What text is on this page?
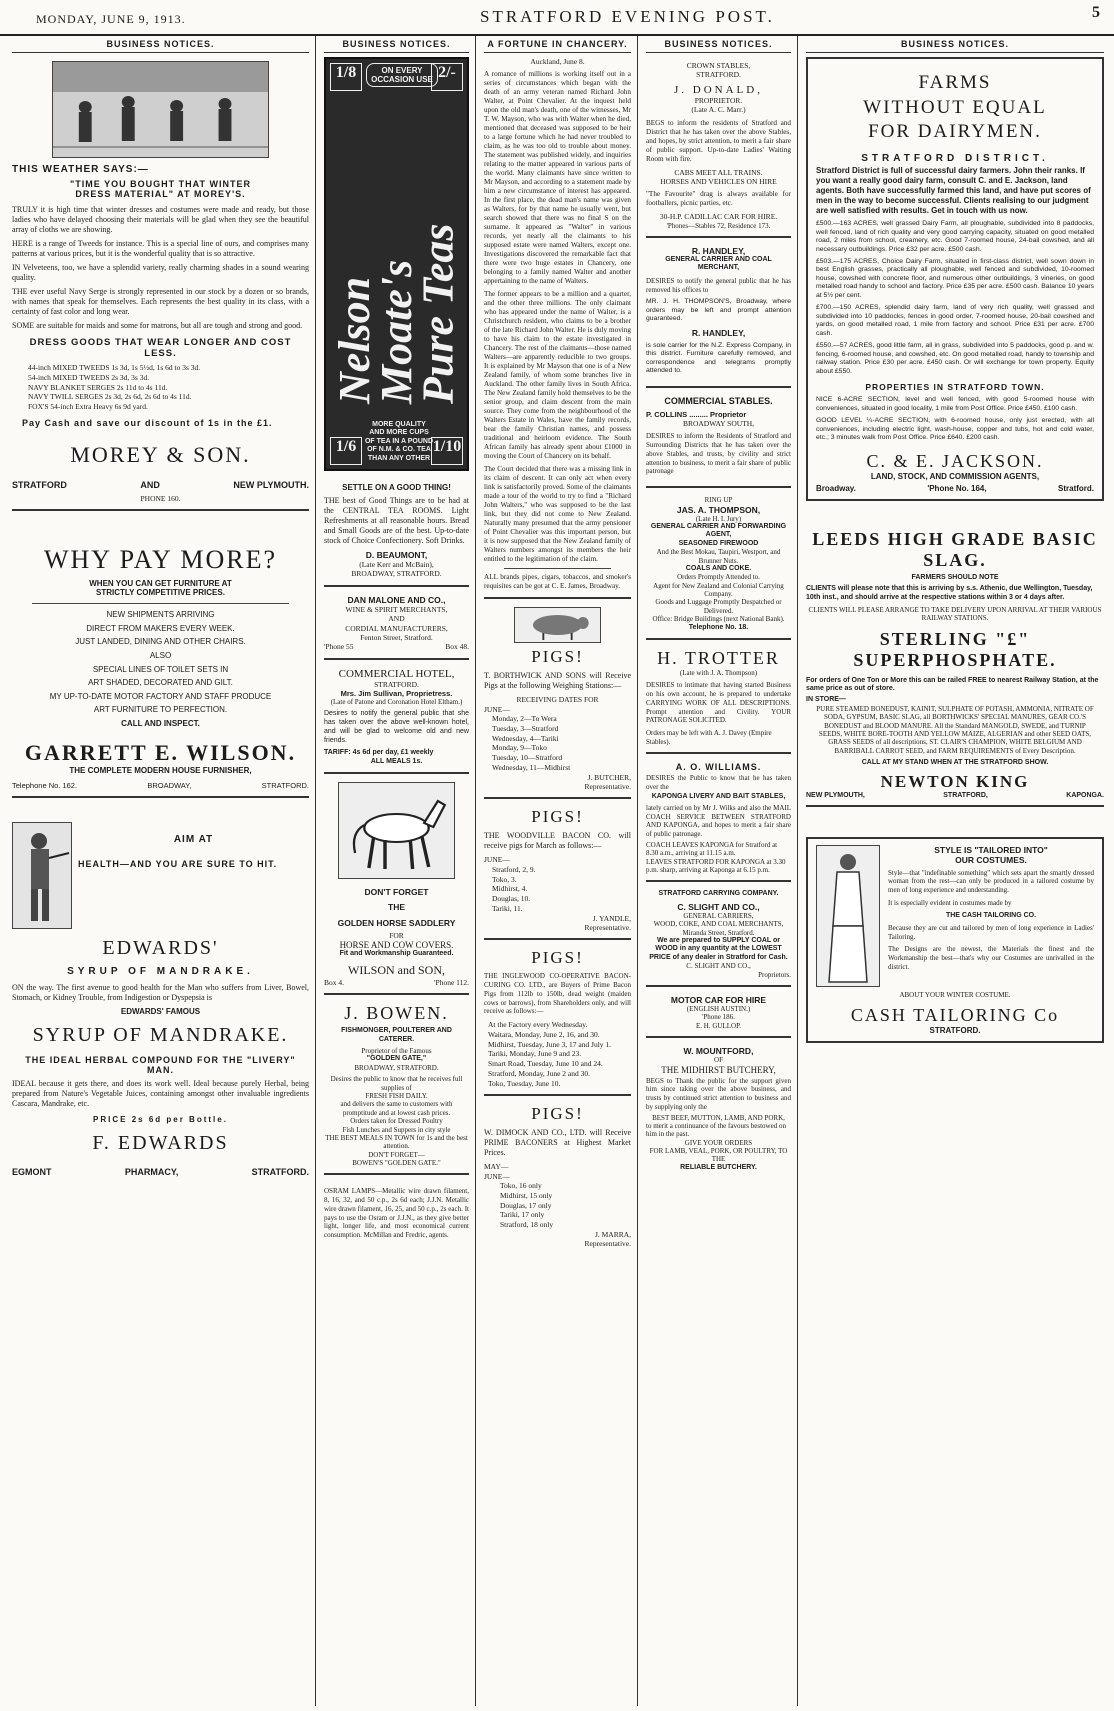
MONDAY, JUNE 9, 1913.	STRATFORD EVENING POST.	5
BUSINESS NOTICES.
THIS WEATHER SAYS:—
"TIME YOU BOUGHT THAT WINTER
DRESS MATERIAL" AT MOREY'S.

TRULY it is high time that winter dresses and costumes were made and ready, but those ladies who have delayed choosing their materials will be glad when they see the beautiful array of cloths we are showing.

HERE is a range of Tweeds for instance. This is a special line of ours, and comprises many patterns at various prices, but it is the wonderful quality that is so attractive.

IN Velveteens, too, we have a splendid variety, really charming shades in a sound wearing quality.

THE ever useful Navy Serge is strongly represented in our stock by a dozen or so brands, with names that speak for themselves. Each represents the best quality in its class, with a certainty of fast color and long wear.

SOME are suitable for maids and some for matrons, but all are tough and strong and good.

DRESS GOODS THAT WEAR LONGER AND COST LESS.
44-inch MIXED TWEEDS 1s 3d, 1s 5½d, 1s 6d to 3s 3d.
54-inch MIXED TWEEDS 2s 3d, 3s 3d.
NAVY BLANKET SERGES 2s 11d to 4s 11d.
NAVY TWILL SERGES 2s 3d, 2s 6d, 2s 6d to 4s 11d.
FOX'S 54-inch Extra Heavy 6s 9d yard.
Pay Cash and save our discount of 1s in the £1.
MOREY & SON.
STRATFORD	AND	NEW PLYMOUTH.
PHONE 160.
WHY PAY MORE?
WHEN YOU CAN GET FURNITURE AT
STRICTLY COMPETITIVE PRICES.
NEW SHIPMENTS ARRIVING
DIRECT FROM MAKERS EVERY WEEK.
JUST LANDED, DINING AND OTHER CHAIRS.
ALSO
SPECIAL LINES OF TOILET SETS IN
ART SHADED, DECORATED AND GILT.
MY UP-TO-DATE MOTOR FACTORY AND STAFF PRODUCE
ART FURNITURE TO PERFECTION.
CALL AND INSPECT.
GARRETT E. WILSON.
THE COMPLETE MODERN HOUSE FURNISHER,
Telephone No. 162.	BROADWAY,	STRATFORD.
AIM AT
HEALTH—AND YOU ARE SURE TO HIT.
EDWARDS'
SYRUP OF MANDRAKE.

ON the way. The first avenue to good health for the Man who suffers from Liver, Bowel, Stomach, or Kidney Trouble, from Indigestion or Dyspepsia is

EDWARDS' FAMOUS
SYRUP OF MANDRAKE.
THE IDEAL HERBAL COMPOUND FOR THE "LIVERY" MAN.

IDEAL because it gets there, and does its work well. Ideal because purely Herbal, being prepared from Nature's Vegetable Juices, containing amongst other invaluable ingredients Cascara, Mandrake, etc.

PRICE 2s 6d per Bottle.
F. EDWARDS
EGMONT	PHARMACY,	STRATFORD.
BUSINESS NOTICES.
1/8	2/-
ON EVERY OCCASION USE
Nelson Moate's Pure Teas
MORE QUALITY AND MORE CUPS OF TEA IN A POUND OF N.M. & CO. TEA THAN ANY OTHER
1/6	1/10
SETTLE ON A GOOD THING!

THE best of Good Things are to be had at the CENTRAL TEA ROOMS. Light Refreshments at all reasonable hours. Bread and Small Goods are of the best. Up-to-date stock of Choice Confectionery. Soft Drinks.

D. BEAUMONT,
(Late Kerr and McBain),
BROADWAY, STRATFORD.
DAN MALONE AND CO.,
WINE & SPIRIT MERCHANTS,
AND
CORDIAL MANUFACTURERS,
Fenton Street, Stratford.
'Phone 55	Box 48.
COMMERCIAL HOTEL,
STRATFORD.
Mrs. Jim Sullivan, Proprietress.
(Late of Patone and Coronation Hotel Eltham.)

Desires to notify the general public that she has taken over the above well-known hotel, and will be glad to welcome old and new friends.

TARIFF: 4s 6d per day, £1 weekly
ALL MEALS 1s.
DON'T FORGET
THE
GOLDEN HORSE SADDLERY
FOR
HORSE AND COW COVERS.
Fit and Workmanship Guaranteed.
WILSON and SON,
Box 4.	'Phone 112.
J. BOWEN.
FISHMONGER, POULTERER AND CATERER.
Proprietor of the Famous
"GOLDEN GATE,"
BROADWAY, STRATFORD.
Desires the public to know that he receives full supplies of
FRESH FISH DAILY.
and delivers the same to customers with promptitude and at lowest cash prices.
Orders taken for Dressed Poultry
Fish Lunches and Suppers in city style
THE BEST MEALS IN TOWN for 1s and the best attention.
DON'T FORGET—
BOWEN'S "GOLDEN GATE."

OSRAM LAMPS—Metallic wire drawn filament, 8, 16, 32, and 50 c.p., 2s 6d each; J.J.N. Metallic wire drawn filament, 16, 25, and 50 c.p., 2s each. It pays to use the Osram or J.J.N., as they give better light, longer life, and most economical current consumption. McMillan and Fredric, agents.

A FORTUNE IN CHANCERY.
Auckland, June 8.

A romance of millions is working itself out in a series of circumstances which began with the death of an army veteran named Richard John Walter, at Point Chevalier. At the inquest held upon the old man's death, one of the witnesses, Mr T. W. Mayson, who was with Walter when he died, mentioned that deceased was supposed to be heir to a large fortune which he had never troubled to claim, as he was too old to trouble about money. The statement was published widely, and inquiries relating to the matter appeared in various parts of the world. Many claimants have since written to Mr Mayson, and according to a statement made by him a new circumstance of interest has appeared. In the first place, the dead man's name was given as Walters, for by that name he usually went, but search showed that there was no final S on the surname. It appeared as "Walter" in various records, yet nearly all the claimants to his supposed estate were named Walters, except one. Investigations discovered the remarkable fact that there were two huge estates in Chancery, one belonging to a family named Walter and another appertaining to the name of Walters.

The former appears to be a million and a quarter, and the other three millions. The only claimant who has appeared under the name of Walter, is a Christchurch resident, who claims to be a brother of the late Richard John Walter. He is duly moving to have his claim to the estate investigated in Chancery. The rest of the claimants—those named Walters—are apparently reducible to two groups. It is explained by Mr Mayson that one is of a New Zealand family, of whom some branches live in Auckland. The other family lives in South Africa. The New Zealand family hold themselves to be the senior group, and claim descent from the main source. They come from the neighbourhood of the Walters Estate in Wales, have the family records, bear the family Christian names, and possess traditional and heirloom evidence. The South African family has already spent about £1000 in moving the Court of Chancery on its behalf.

The Court decided that there was a missing link in its claim of descent. It can only act when every link is satisfactorily proved. Some of the claimants made a tour of the world to try to find a "Richard John Walters," who was supposed to be the last link, but they did not come to New Zealand. Naturally many presumed that the army pensioner of Point Chevalier was this important person, but it is now supposed that the New Zealand family of Walters numbers amongst its members the heir entitled to the legitimation of the claim.

ALL brands pipes, cigars, tobaccos, and smoker's requisites can be got at C. E. James, Broadway.

PIGS!

T. BORTHWICK AND SONS will Receive Pigs at the following Weighing Stations:—

RECEIVING DATES FOR
JUNE—
Monday, 2—To Wera
Tuesday, 3—Stratford
Wednesday, 4—Tariki
Monday, 9—Toko
Tuesday, 10—Stratford
Wednesday, 11—Midhirst
J. BUTCHER,
Representative.
PIGS!

THE WOODVILLE BACON CO. will receive pigs for March as follows:—

JUNE—
Stratford, 2, 9.
Toko, 3.
Midhirst, 4.
Douglas, 10.
Tariki, 11.
J. YANDLE,
Representative.
PIGS!

THE INGLEWOOD CO-OPERATIVE BACON-CURING CO. LTD., are Buyers of Prime Bacon Pigs from 112lb to 150lb, dead weight (maiden cows or barrows), from Shareholders only, and will receive as follows:—

At the Factory every Wednesday.
Waitara, Monday, June 2, 16, and 30.
Midhirst, Tuesday, June 3, 17 and July 1.
Tariki, Monday, June 9 and 23.
Smart Road, Tuesday, June 10 and 24.
Stratford, Monday, June 2 and 30.
Toko, Tuesday, June 10.
PIGS!

W. DIMOCK AND CO., LTD. will Receive PRIME BACONERS at Highest Market Prices.

MAY—
JUNE—
Toko, 16 only
Midhirst, 15 only
Douglas, 17 only
Tariki, 17 only
Stratford, 18 only
J. MARRA,
Representative.
BUSINESS NOTICES.
CROWN STABLES,
STRATFORD.
J. DONALD,
PROPRIETOR.
(Late A. C. Marr.)

BEGS to inform the residents of Stratford and District that he has taken over the above Stables, and hopes, by strict attention, to merit a fair share of public support. Up-to-date Ladies' Waiting Room with fire.

CABS MEET ALL TRAINS.
HORSES AND VEHICLES ON HIRE

"The Favourite" drag is always available for footballers, picnic parties, etc.

30-H.P. CADILLAC CAR FOR HIRE.
'Phones—Stables 72, Residence 173.
R. HANDLEY,
GENERAL CARRIER AND COAL MERCHANT,

DESIRES to notify the general public that he has removed his offices to

MR. J. H. THOMPSON'S, Broadway, where orders may be left and prompt attention guaranteed.

R. HANDLEY,

is sole carrier for the N.Z. Express Company, in this district. Furniture carefully removed, and correspondence and telegrams promptly attended to.

COMMERCIAL STABLES.
P. COLLINS ......... Proprietor
BROADWAY SOUTH,

DESIRES to inform the Residents of Stratford and Surrounding Districts that he has taken over the above Stables, and trusts, by civility and strict attention to business, to merit a fair share of public patronage

RING UP
JAS. A. THOMPSON,
(Late H. I. Jury)
GENERAL CARRIER AND FORWARDING AGENT,
SEASONED FIREWOOD
And the Best Mokau, Taupiri, Westport, and Brunner Nuts.
COALS AND COKE.
Orders Promptly Attended to.
Agent for New Zealand and Colonial Carrying Company.
Goods and Luggage Promptly Despatched or Delivered.
Office: Bridge Buildings (next National Bank).
Telephone No. 18.
H. TROTTER
(Late with J. A. Thompson)

DESIRES to intimate that having started Business on his own account, he is prepared to undertake CARRYING WORK OF ALL DESCRIPTIONS. Prompt attention and Civility. YOUR PATRONAGE SOLICITED.

Orders may be left with A. J. Davey (Empire Stables).
A. O. WILLIAMS.

DESIRES the Public to know that he has taken over the

KAPONGA LIVERY AND BAIT STABLES,

lately carried on by Mr J. Wilks and also the MAIL COACH SERVICE BETWEEN STRATFORD AND KAPONGA, and hopes to merit a fair share of public patronage.

COACH LEAVES KAPONGA for Stratford at 8.30 a.m., arriving at 11.15 a.m.
LEAVES STRATFORD FOR KAPONGA at 3.30 p.m. sharp, arriving at Kaponga at 6.15 p.m.
STRATFORD CARRYING COMPANY.
C. SLIGHT AND CO.,
GENERAL CARRIERS,
WOOD, COKE, AND COAL MERCHANTS,
Miranda Street, Stratford.
We are prepared to SUPPLY COAL or WOOD in any quantity at the LOWEST PRICE of any dealer in Stratford for Cash.
C. SLIGHT AND CO.,
Proprietors.
MOTOR CAR FOR HIRE
(ENGLISH AUSTIN.)
'Phone 186.
E. H. GULLOP.
W. MOUNTFORD,
OF
THE MIDHIRST BUTCHERY,

BEGS to Thank the public for the support given him since taking over the above business, and trusts by continued strict attention to business and by supplying only the

BEST BEEF, MUTTON, LAMB, AND PORK,
to merit a continuance of the favours bestowed on him in the past.
GIVE YOUR ORDERS
FOR LAMB, VEAL, PORK, OR POULTRY, TO THE
RELIABLE BUTCHERY.
BUSINESS NOTICES.
FARMS
WITHOUT EQUAL
FOR DAIRYMEN.
STRATFORD DISTRICT.
Stratford District is full of successful dairy farmers. John their ranks. If you want a really good dairy farm, consult C. and E. Jackson, land agents. Both have successfully farmed this land, and have put scores of men in the way to become successful. Clients realising to our judgment are well satisfied with results. Get in touch with us now.

£500.—163 ACRES, well grassed Dairy Farm, all ploughable, subdivided into 8 paddocks, well fenced, land of rich quality and very good carrying capacity, situated on good metalled road, 2 miles from school, creamery, etc. Good 7-roomed house, 24-bail cowshed, and all necessary outbuildings. Price £32 per acre. £500 cash.

£503.—175 ACRES, Choice Dairy Farm, situated in first-class district, well sown down in best English grasses, practically all ploughable, well fenced and subdivided, 10-roomed house, cowshed with concrete floor, and numerous other outbuildings, 3 vineries, on good metalled road handy to school and factory. Price £35 per acre. £500 cash. Balance 10 years at 5½ per cent.

£700.—150 ACRES, splendid dairy farm, land of very rich quality, well grassed and subdivided into 10 paddocks, fences in good order, 7-roomed house, 20-bail cowshed and yards, on good metalled road, 1 mile from factory and school. Price £31 per acre. £700 cash.

£550.—57 ACRES, good little farm, all in grass, subdivided into 5 paddocks, good p. and w. fencing, 6-roomed house, and cowshed, etc. On good metalled road, handy to township and railway station. Price £30 per acre. £450 cash. Or will exchange for town property. Equity about £550.

PROPERTIES IN STRATFORD TOWN.

NICE 6-ACRE SECTION, level and well fenced, with good 5-roomed house with conveniences, situated in good locality, 1 mile from Post Office. Price £450. £100 cash.

GOOD LEVEL ¼-ACRE SECTION, with 6-roomed house, only just erected, with all conveniences, including electric light, wash-house, copper and tubs, hot and cold water, etc.; 3 minutes walk from Post Office. Price £640. £200 cash.

C. & E. JACKSON.
LAND, STOCK, AND COMMISSION AGENTS,
Broadway.	'Phone No. 164,	Stratford.
LEEDS HIGH GRADE BASIC SLAG.
FARMERS SHOULD NOTE
CLIENTS will please note that this is arriving by s.s. Athenic, due Wellington, Tuesday, 10th inst., and should arrive at the respective stations within 3 or 4 days after.
CLIENTS WILL PLEASE ARRANGE TO TAKE DELIVERY UPON ARRIVAL AT THEIR VARIOUS RAILWAY STATIONS.
STERLING "£" SUPERPHOSPHATE.
For orders of One Ton or More this can be railed FREE to nearest Railway Station, at the same price as out of store.
IN STORE—
PURE STEAMED BONEDUST, KAINIT, SULPHATE OF POTASH, AMMONIA, NITRATE OF SODA, GYPSUM, BASIC SLAG, all BORTHWICKS' SPECIAL MANURES, GEAR CO.'S BONEDUST and BLOOD MANURE. All the Standard MANGOLD, SWEDE, and TURNIP SEEDS, WHITE BORE-TOOTH AND YELLOW MAIZE, ALGERIAN and other SEED OATS, GRASS SEEDS of all descriptions, ST. CLAIR'S CHAMPION, WHITE BELGIUM AND BARRIBALL CARROT SEED, and FARM REQUIREMENTS of Every Description.
CALL AT MY STAND WHEN AT THE STRATFORD SHOW.
NEWTON KING
NEW PLYMOUTH,	STRATFORD,	KAPONGA.
STYLE IS "TAILORED INTO"
OUR COSTUMES.

Style—that "indefinable something" which sets apart the smartly dressed woman from the rest—can only be produced in a tailored costume by men of long experience and understanding.

It is especially evident in costumes made by

THE CASH TAILORING CO.

Because they are cut and tailored by men of long experience in Ladies' Tailoring.

The Designs are the newest, the Materials the finest and the Workmanship the best—that's why our Costumes are unrivalled in the district.

ABOUT YOUR WINTER COSTUME.
CASH TAILORING Co
STRATFORD.
